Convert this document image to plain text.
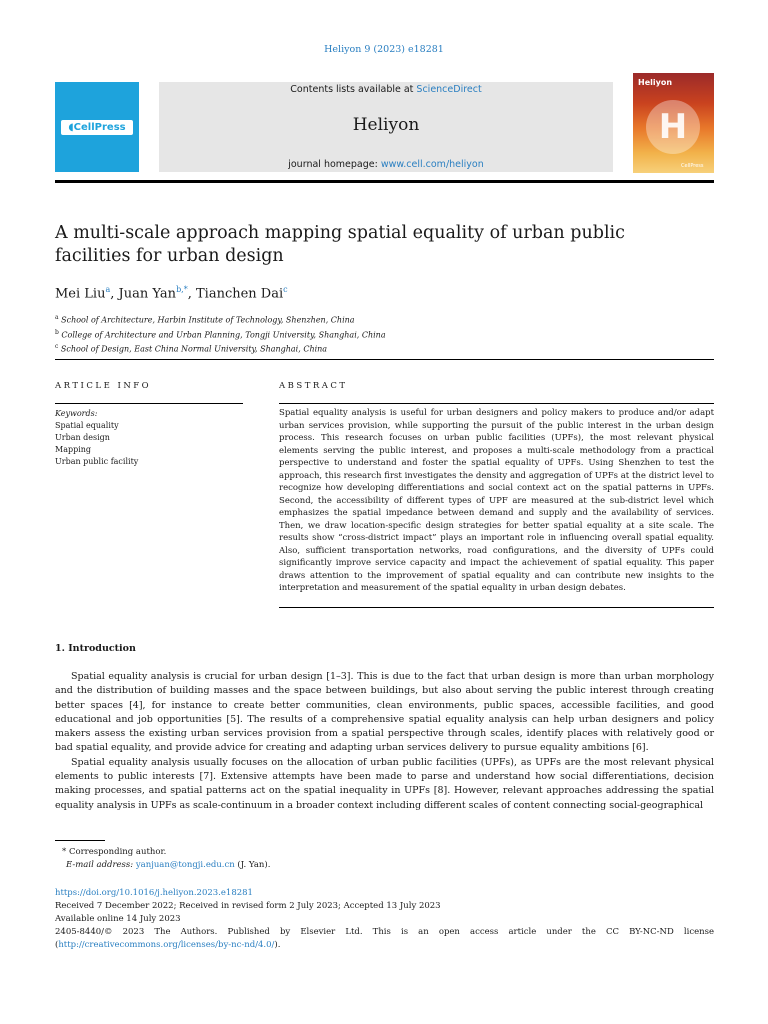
Heliyon 9 (2023) e18281
◖CellPress
Contents lists available at ScienceDirect
Heliyon
journal homepage: www.cell.com/heliyon
Heliyon
H
CellPress
A multi-scale approach mapping spatial equality of urban public
facilities for urban design
Mei Liu$^a$, Juan Yan$^{b,*}$, Tianchen Dai$^c$
$^a$ School of Architecture, Harbin Institute of Technology, Shenzhen, China
$^b$ College of Architecture and Urban Planning, Tongji University, Shanghai, China
$^c$ School of Design, East China Normal University, Shanghai, China
ARTICLE INFO
Keywords:
Spatial equality
Urban design
Mapping
Urban public facility
ABSTRACT
Spatial equality analysis is useful for urban designers and policy makers to produce and/or adapt urban services provision, while supporting the pursuit of the public interest in the urban design process. This research focuses on urban public facilities (UPFs), the most relevant physical elements serving the public interest, and proposes a multi-scale methodology from a practical perspective to understand and foster the spatial equality of UPFs. Using Shenzhen to test the approach, this research first investigates the density and aggregation of UPFs at the district level to recognize how developing differentiations and social context act on the spatial patterns in UPFs. Second, the accessibility of different types of UPF are measured at the sub-district level which emphasizes the spatial impedance between demand and supply and the availability of services. Then, we draw location-specific design strategies for better spatial equality at a site scale. The results show “cross-district impact” plays an important role in influencing overall spatial equality. Also, sufficient transportation networks, road configurations, and the diversity of UPFs could significantly improve service capacity and impact the achievement of spatial equality. This paper draws attention to the improvement of spatial equality and can contribute new insights to the interpretation and measurement of the spatial equality in urban design debates.
1. Introduction

Spatial equality analysis is crucial for urban design [1–3]. This is due to the fact that urban design is more than urban morphology and the distribution of building masses and the space between buildings, but also about serving the public interest through creating better spaces [4], for instance to create better communities, clean environments, public spaces, accessible facilities, and good educational and job opportunities [5]. The results of a comprehensive spatial equality analysis can help urban designers and policy makers assess the existing urban services provision from a spatial perspective through scales, identify places with relatively good or bad spatial equality, and provide advice for creating and adapting urban services delivery to pursue equality ambitions [6].

Spatial equality analysis usually focuses on the allocation of urban public facilities (UPFs), as UPFs are the most relevant physical elements to public interests [7]. Extensive attempts have been made to parse and understand how social differentiations, decision making processes, and spatial patterns act on the spatial inequality in UPFs [8]. However, relevant approaches addressing the spatial equality analysis in UPFs as scale-continuum in a broader context including different scales of content connecting social-geographical

* Corresponding author.
E-mail address: yanjuan@tongji.edu.cn (J. Yan).
https://doi.org/10.1016/j.heliyon.2023.e18281
Received 7 December 2022; Received in revised form 2 July 2023; Accepted 13 July 2023
Available online 14 July 2023
2405-8440/© 2023 The Authors. Published by Elsevier Ltd. This is an open access article under the CC BY-NC-ND license (http://creativecommons.org/licenses/by-nc-nd/4.0/).
